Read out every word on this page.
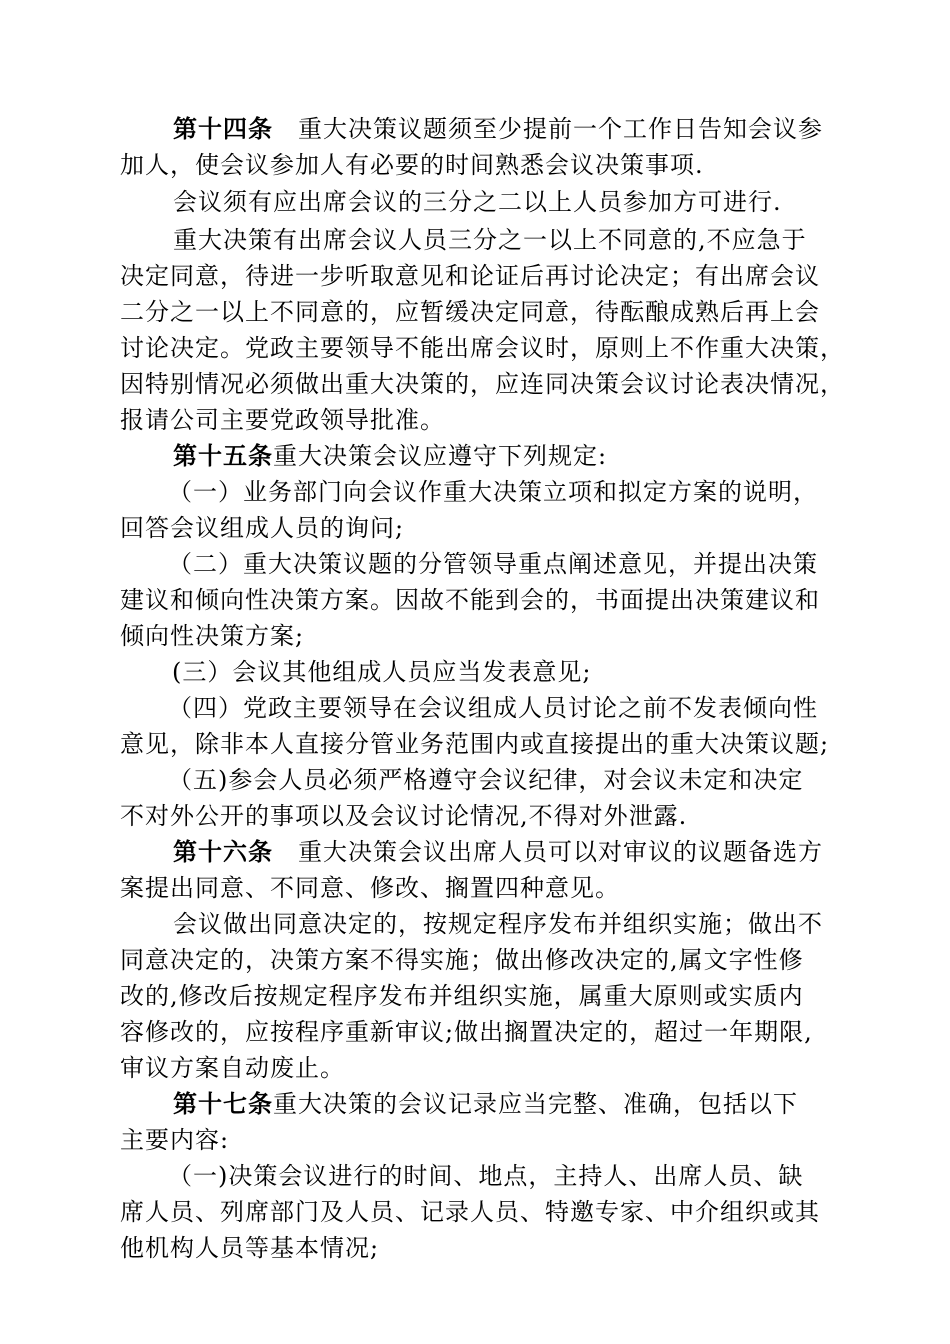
第十四条　重大决策议题须至少提前一个工作日告知会议参
加人，使会议参加人有必要的时间熟悉会议决策事项.
会议须有应出席会议的三分之二以上人员参加方可进行.
重大决策有出席会议人员三分之一以上不同意的,不应急于
决定同意，待进一步听取意见和论证后再讨论决定；有出席会议
二分之一以上不同意的，应暂缓决定同意，待酝酿成熟后再上会
讨论决定。党政主要领导不能出席会议时，原则上不作重大决策，
因特别情况必须做出重大决策的，应连同决策会议讨论表决情况，
报请公司主要党政领导批准。
第十五条重大决策会议应遵守下列规定:
（一）业务部门向会议作重大决策立项和拟定方案的说明，
回答会议组成人员的询问;
（二）重大决策议题的分管领导重点阐述意见，并提出决策
建议和倾向性决策方案。因故不能到会的，书面提出决策建议和
倾向性决策方案;
(三）会议其他组成人员应当发表意见;
（四）党政主要领导在会议组成人员讨论之前不发表倾向性
意见，除非本人直接分管业务范围内或直接提出的重大决策议题;
（五)参会人员必须严格遵守会议纪律，对会议未定和决定
不对外公开的事项以及会议讨论情况,不得对外泄露.
第十六条　重大决策会议出席人员可以对审议的议题备选方
案提出同意、不同意、修改、搁置四种意见。
会议做出同意决定的，按规定程序发布并组织实施；做出不
同意决定的，决策方案不得实施；做出修改决定的,属文字性修
改的,修改后按规定程序发布并组织实施，属重大原则或实质内
容修改的，应按程序重新审议;做出搁置决定的，超过一年期限,
审议方案自动废止。
第十七条重大决策的会议记录应当完整、准确，包括以下
主要内容:
（一)决策会议进行的时间、地点，主持人、出席人员、缺
席人员、列席部门及人员、记录人员、特邀专家、中介组织或其
他机构人员等基本情况;
